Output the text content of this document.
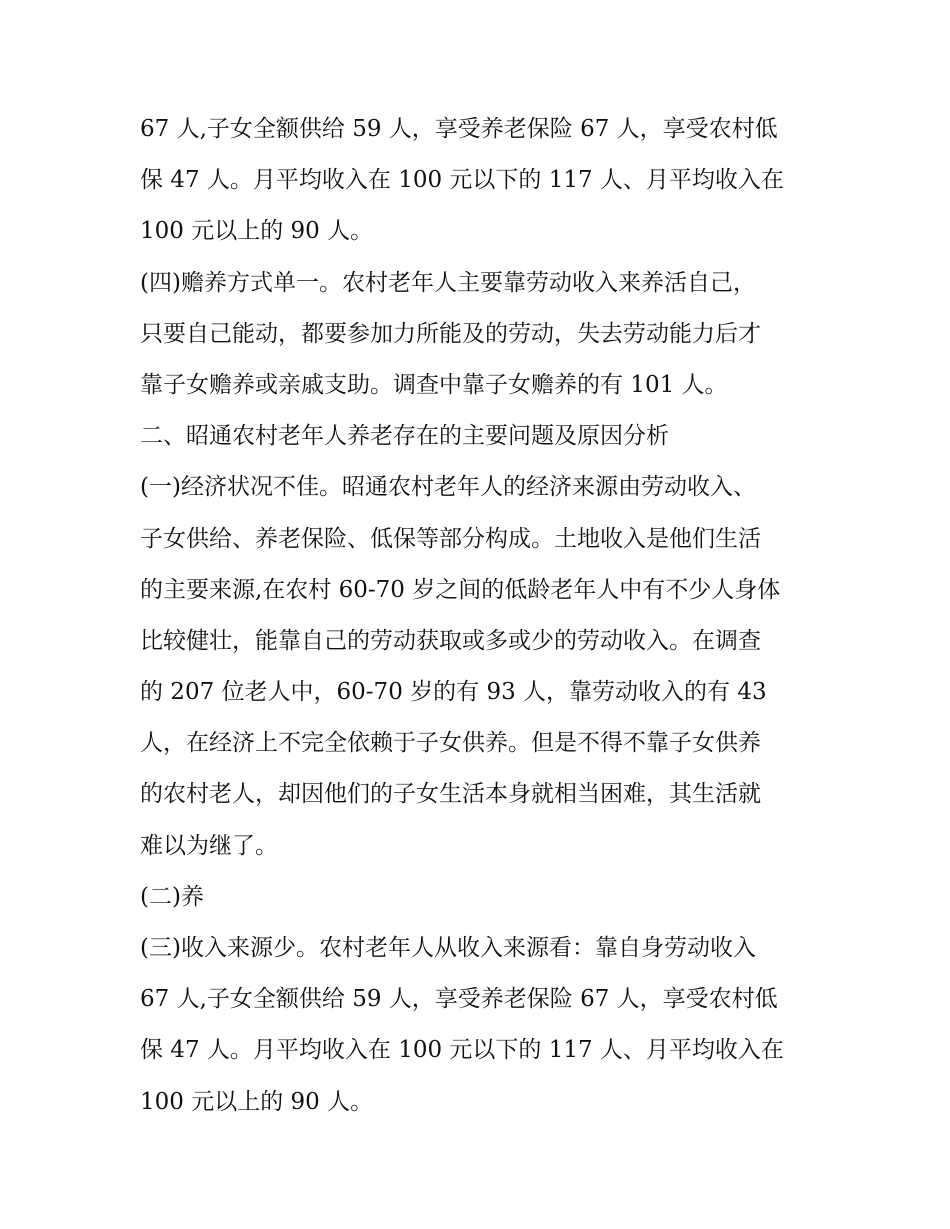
67 人,子女全额供给 59 人，享受养老保险 67 人，享受农村低
保 47 人。月平均收入在 100 元以下的 117 人、月平均收入在
100 元以上的 90 人。
(四)赡养方式单一。农村老年人主要靠劳动收入来养活自己，
只要自己能动，都要参加力所能及的劳动，失去劳动能力后才
靠子女赡养或亲戚支助。调查中靠子女赡养的有 101 人。
二、昭通农村老年人养老存在的主要问题及原因分析
(一)经济状况不佳。昭通农村老年人的经济来源由劳动收入、
子女供给、养老保险、低保等部分构成。土地收入是他们生活
的主要来源,在农村 60-70 岁之间的低龄老年人中有不少人身体
比较健壮，能靠自己的劳动获取或多或少的劳动收入。在调查
的 207 位老人中，60-70 岁的有 93 人，靠劳动收入的有 43
人，在经济上不完全依赖于子女供养。但是不得不靠子女供养
的农村老人，却因他们的子女生活本身就相当困难，其生活就
难以为继了。
(二)养
(三)收入来源少。农村老年人从收入来源看：靠自身劳动收入
67 人,子女全额供给 59 人，享受养老保险 67 人，享受农村低
保 47 人。月平均收入在 100 元以下的 117 人、月平均收入在
100 元以上的 90 人。
